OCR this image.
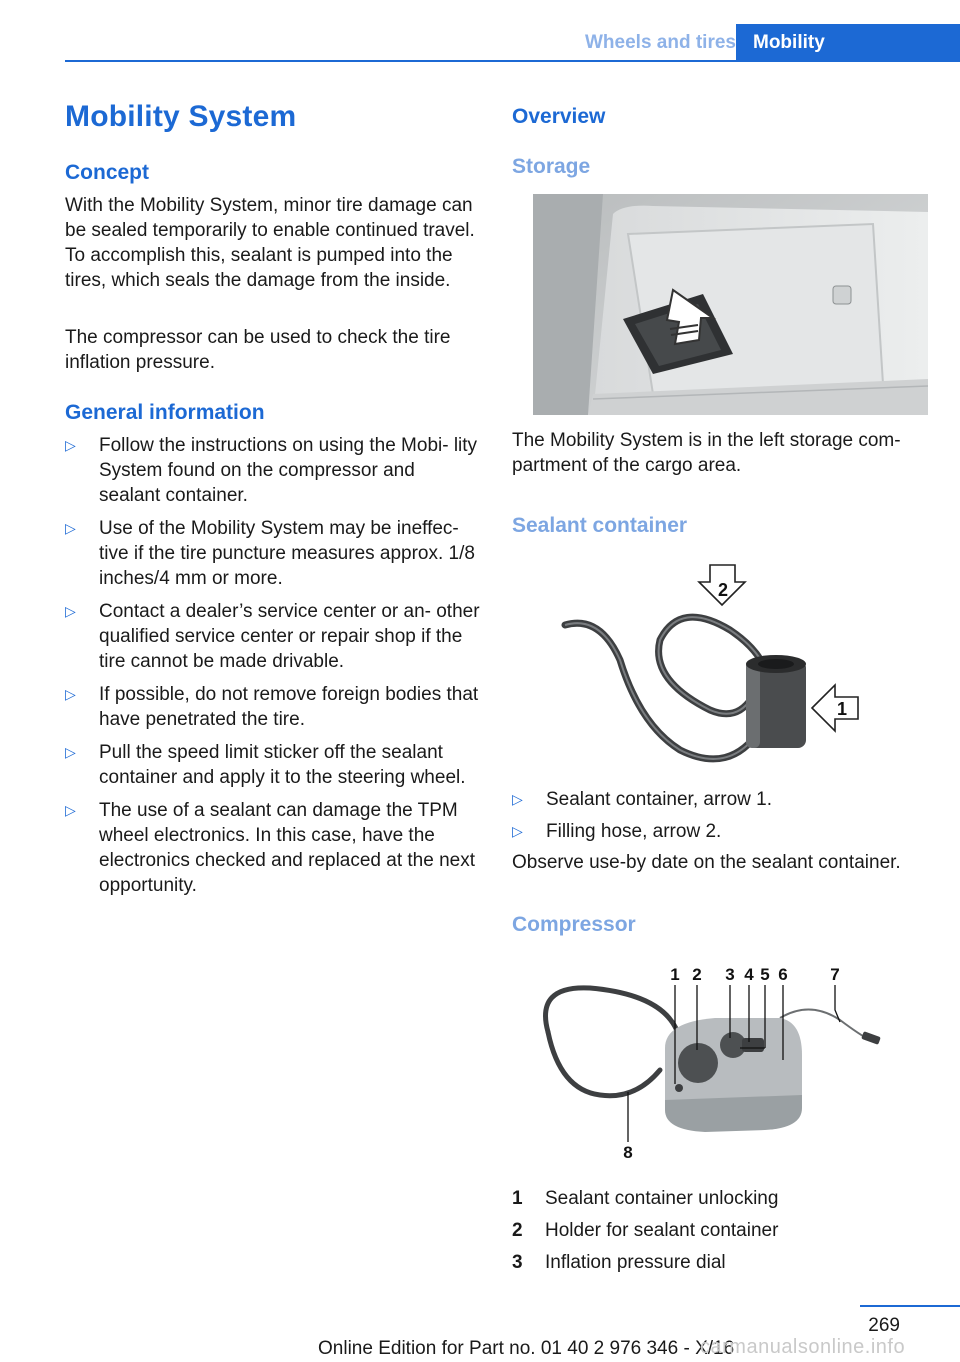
Wheels and tires Mobility
Mobility System
Concept
With the Mobility System, minor tire damage can be sealed temporarily to enable continued travel. To accomplish this, sealant is pumped into the tires, which seals the damage from the inside.
The compressor can be used to check the tire inflation pressure.
General information
▷ Follow the instructions on using the Mobi‐ lity System found on the compressor and sealant container.
▷ Use of the Mobility System may be ineffec‐ tive if the tire puncture measures approx. 1/8 inches/4 mm or more.
▷ Contact a dealer’s service center or an‐ other qualified service center or repair shop if the tire cannot be made drivable.
▷ If possible, do not remove foreign bodies that have penetrated the tire.
▷ Pull the speed limit sticker off the sealant container and apply it to the steering wheel.
▷ The use of a sealant can damage the TPM wheel electronics. In this case, have the electronics checked and replaced at the next opportunity.
Overview
Storage
The Mobility System is in the left storage com‐ partment of the cargo area.
Sealant container
2
1
▷ Sealant container, arrow 1.
▷ Filling hose, arrow 2.
Observe use-by date on the sealant container.
Compressor
1 2 3 4 5 6	7
8
1 Sealant container unlocking
2 Holder for sealant container
3 Inflation pressure dial
269
Online Edition for Part no. 01 40 2 976 346 - X/16
carmanualsonline.info
